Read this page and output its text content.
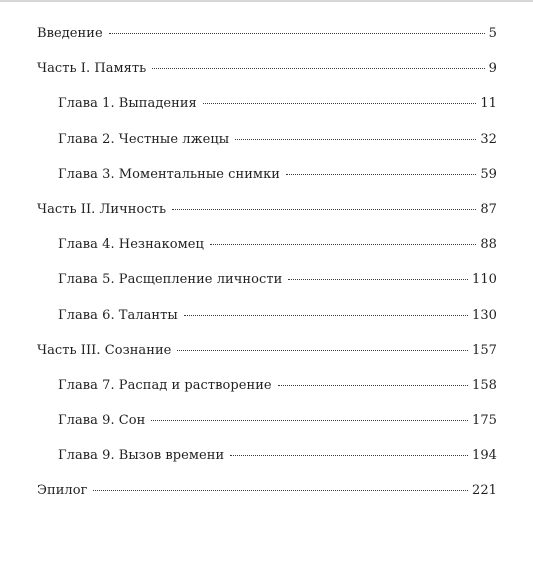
Введение	5
Часть I. Память	9
Глава 1. Выпадения	11
Глава 2. Честные лжецы	32
Глава 3. Моментальные снимки	59
Часть II. Личность	87
Глава 4. Незнакомец	88
Глава 5. Расщепление личности	110
Глава 6. Таланты	130
Часть III. Сознание	157
Глава 7. Распад и растворение	158
Глава 9. Сон	175
Глава 9. Вызов времени	194
Эпилог	221
